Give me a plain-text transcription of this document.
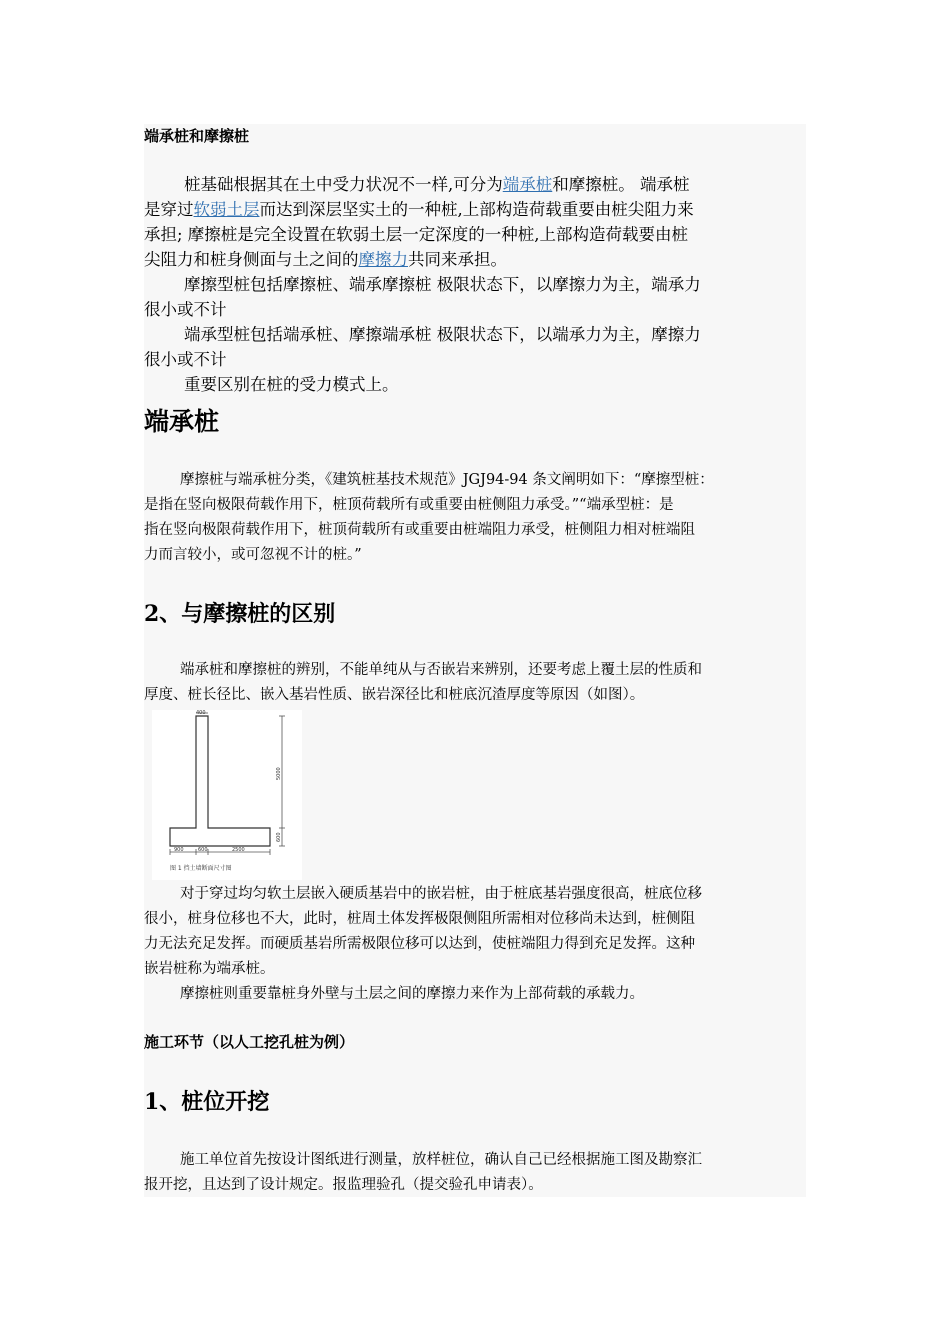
端承桩和摩擦桩
桩基础根据其在土中受力状况不一样,可分为端承桩和摩擦桩。 端承桩
是穿过软弱土层而达到深层坚实土的一种桩,上部构造荷载重要由桩尖阻力来
承担; 摩擦桩是完全设置在软弱土层一定深度的一种桩,上部构造荷载要由桩
尖阻力和桩身侧面与土之间的摩擦力共同来承担。
摩擦型桩包括摩擦桩、端承摩擦桩 极限状态下，以摩擦力为主，端承力
很小或不计
端承型桩包括端承桩、摩擦端承桩 极限状态下，以端承力为主，摩擦力
很小或不计
重要区别在桩的受力模式上。
端承桩
摩擦桩与端承桩分类，《建筑桩基技术规范》JGJ94-94 条文阐明如下：“摩擦型桩：
是指在竖向极限荷载作用下，桩顶荷载所有或重要由桩侧阻力承受。”“端承型桩：是
指在竖向极限荷载作用下，桩顶荷载所有或重要由桩端阻力承受，桩侧阻力相对桩端阻
力而言较小，或可忽视不计的桩。”
2、与摩擦桩的区别
端承桩和摩擦桩的辨别，不能单纯从与否嵌岩来辨别，还要考虑上覆土层的性质和
厚度、桩长径比、嵌入基岩性质、嵌岩深径比和桩底沉渣厚度等原因（如图）。
400
5000
600
900	600	2500
图 1 挡土墙断面尺寸图
对于穿过均匀软土层嵌入硬质基岩中的嵌岩桩，由于桩底基岩强度很高，桩底位移
很小，桩身位移也不大，此时，桩周土体发挥极限侧阻所需相对位移尚未达到，桩侧阻
力无法充足发挥。而硬质基岩所需极限位移可以达到，使桩端阻力得到充足发挥。这种
嵌岩桩称为端承桩。
摩擦桩则重要靠桩身外壁与土层之间的摩擦力来作为上部荷载的承载力。
施工环节（以人工挖孔桩为例）
1、桩位开挖
施工单位首先按设计图纸进行测量，放样桩位，确认自己已经根据施工图及勘察汇
报开挖，且达到了设计规定。报监理验孔（提交验孔申请表）。
